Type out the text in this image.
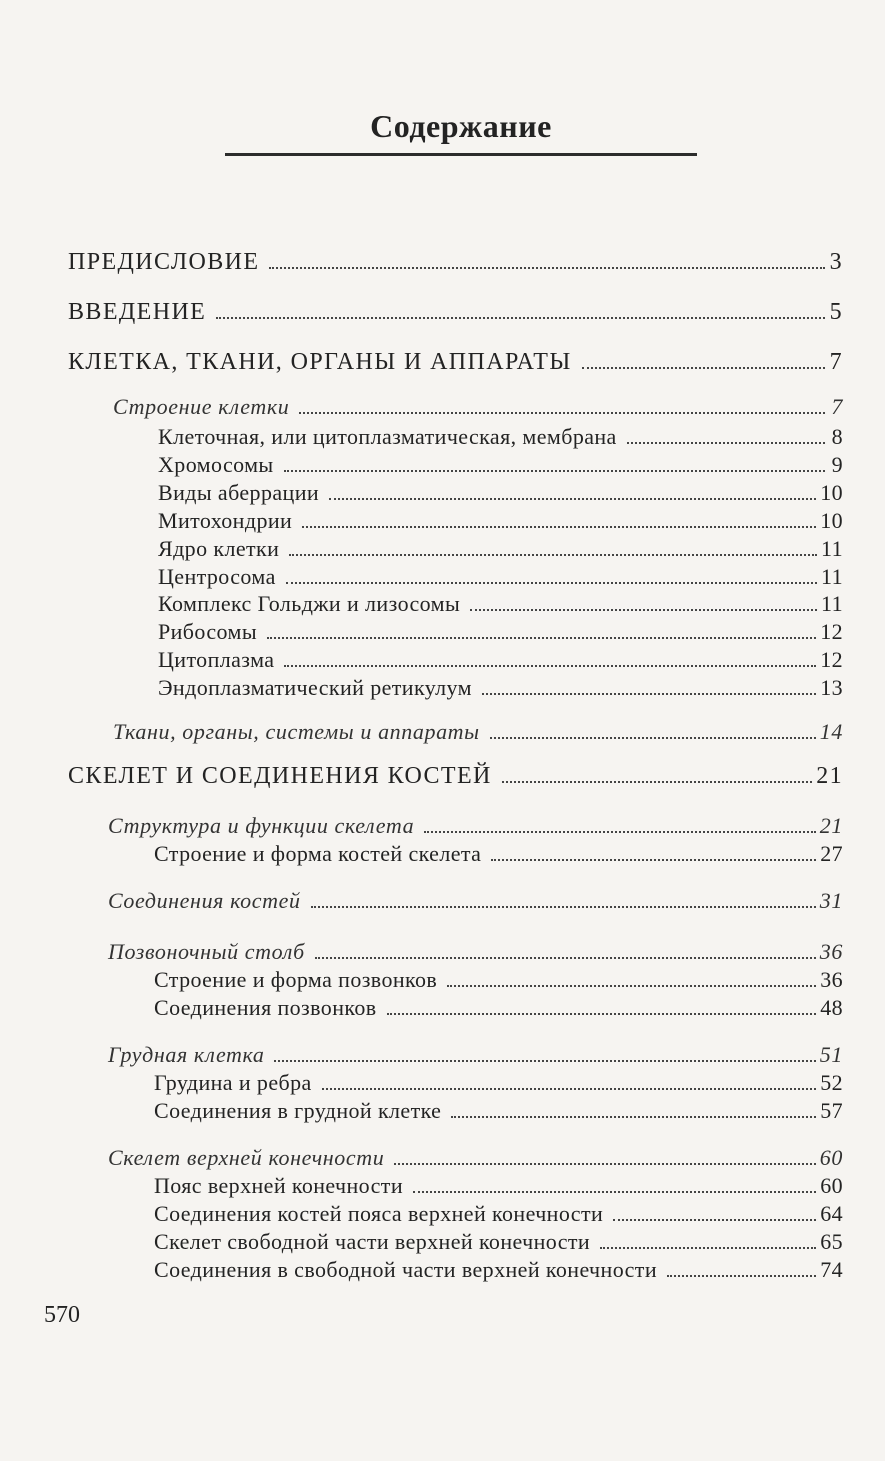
Содержание
ПРЕДИСЛОВИЕ	3
ВВЕДЕНИЕ	5
КЛЕТКА, ТКАНИ, ОРГАНЫ И АППАРАТЫ	7
Строение клетки	7
Клеточная, или цитоплазматическая, мембрана	8
Хромосомы	9
Виды аберрации	10
Митохондрии	10
Ядро клетки	11
Центросома	11
Комплекс Гольджи и лизосомы	11
Рибосомы	12
Цитоплазма	12
Эндоплазматический ретикулум	13
Ткани, органы, системы и аппараты	14
СКЕЛЕТ И СОЕДИНЕНИЯ КОСТЕЙ	21
Структура и функции скелета	21
Строение и форма костей скелета	27
Соединения костей	31
Позвоночный столб	36
Строение и форма позвонков	36
Соединения позвонков	48
Грудная клетка	51
Грудина и ребра	52
Соединения в грудной клетке	57
Скелет верхней конечности	60
Пояс верхней конечности	60
Соединения костей пояса верхней конечности	64
Скелет свободной части верхней конечности	65
Соединения в свободной части верхней конечности	74
570
